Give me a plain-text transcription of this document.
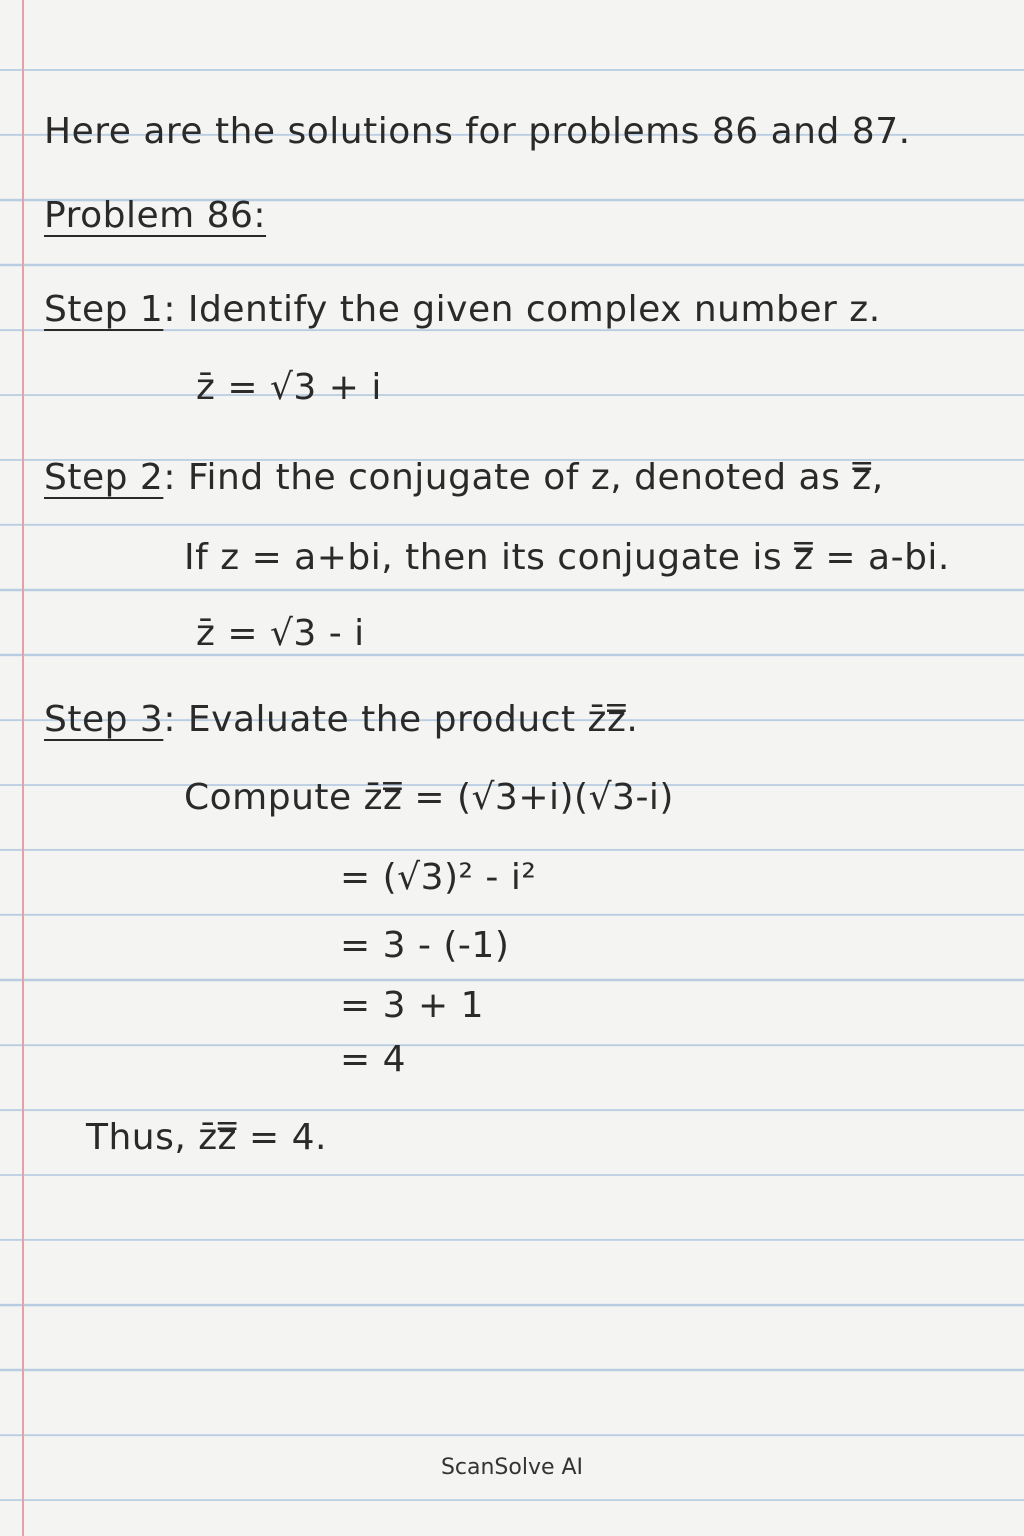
Here are the solutions for problems 86 and 87.
Problem 86:
Step 1: Identify the given complex number z.
z̄ = √3 + i
Step 2: Find the conjugate of z, denoted as z̿,
If z = a+bi, then its conjugate is z̿ = a-bi.
z̄ = √3 - i
Step 3: Evaluate the product z̄z̿.
Compute z̄z̿ = (√3+i)(√3-i)
= (√3)² - i²
= 3 - (-1)
= 3 + 1
= 4
Thus, z̄z̿ = 4.
ScanSolve AI
